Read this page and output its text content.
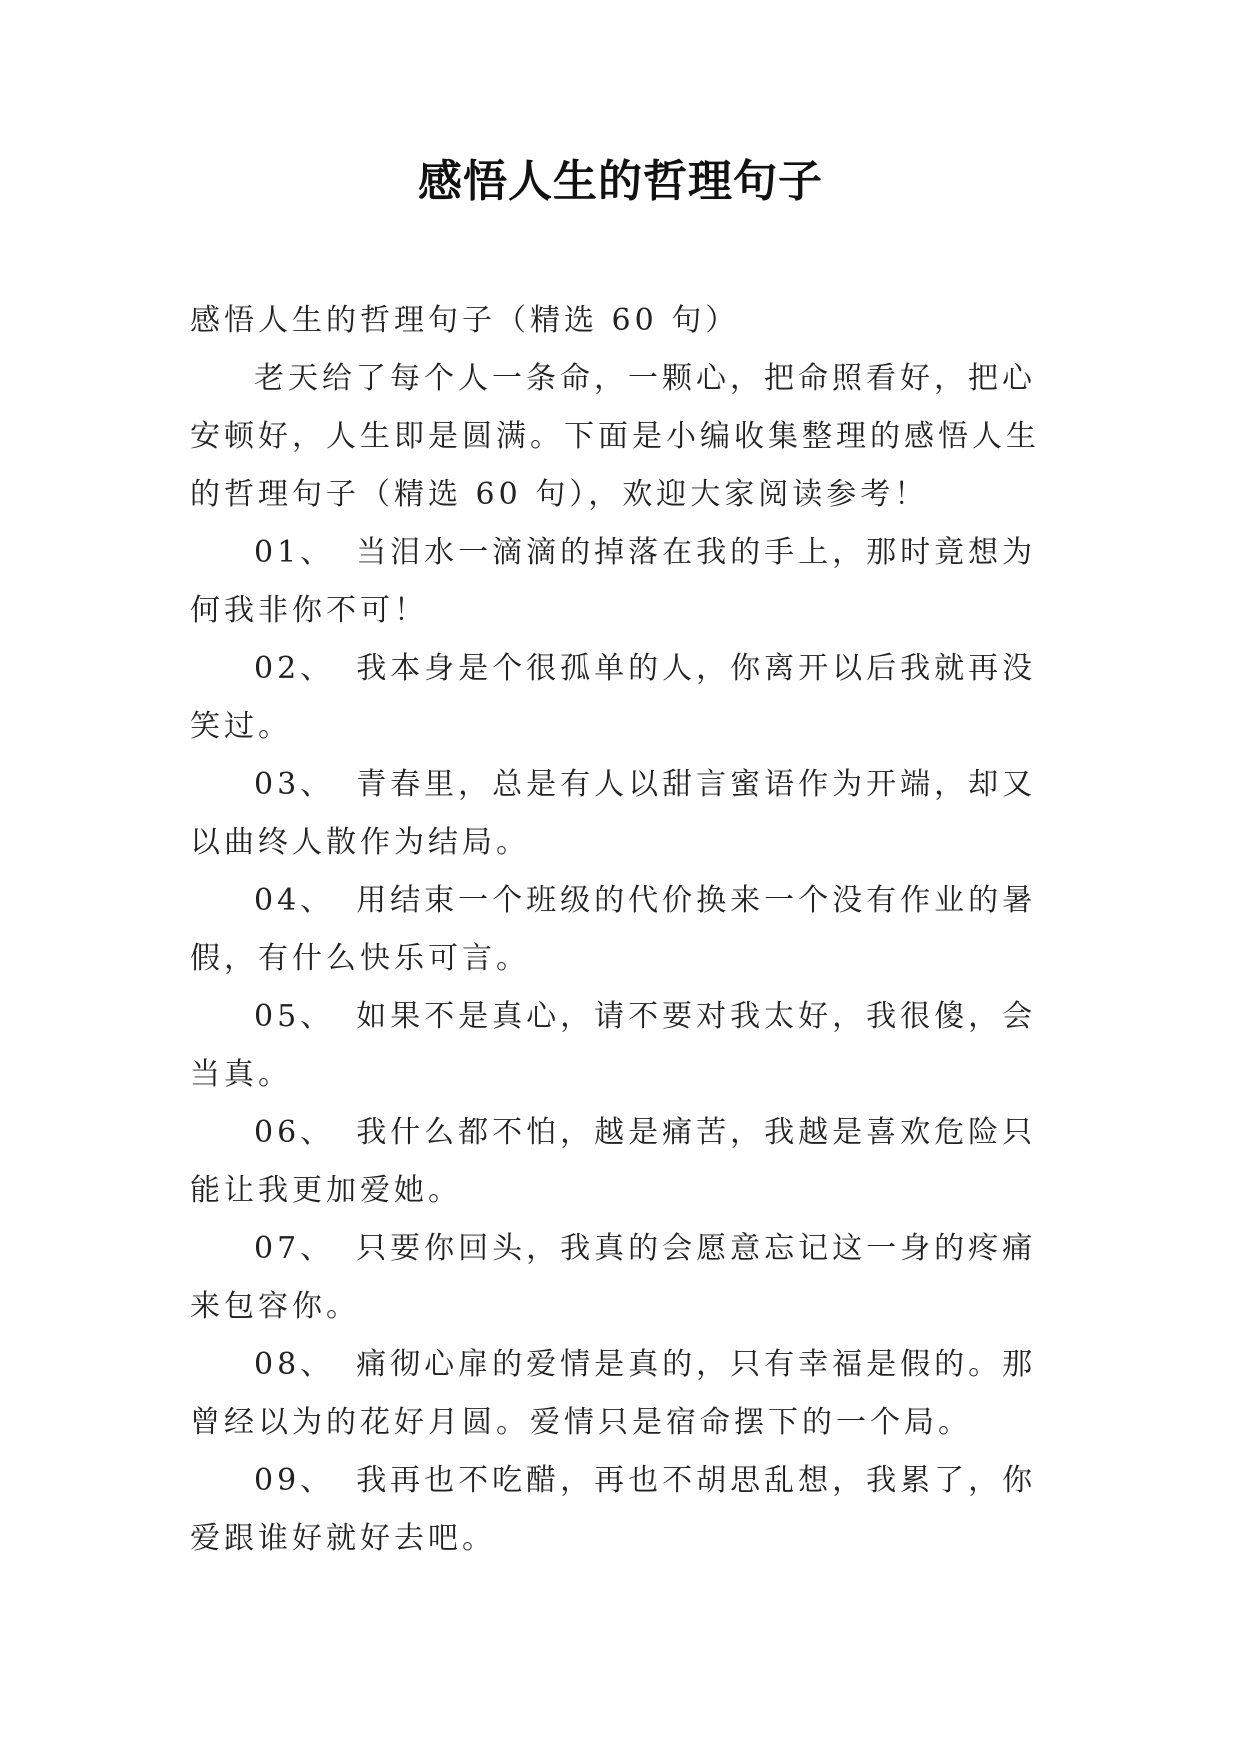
感悟人生的哲理句子

感悟人生的哲理句子（精选 60 句）

老天给了每个人一条命，一颗心，把命照看好，把心安顿好，人生即是圆满。下面是小编收集整理的感悟人生的哲理句子（精选 60 句），欢迎大家阅读参考！

01、 当泪水一滴滴的掉落在我的手上，那时竟想为何我非你不可！

02、 我本身是个很孤单的人，你离开以后我就再没笑过。

03、 青春里，总是有人以甜言蜜语作为开端，却又以曲终人散作为结局。

04、 用结束一个班级的代价换来一个没有作业的暑假，有什么快乐可言。

05、 如果不是真心，请不要对我太好，我很傻，会当真。

06、 我什么都不怕，越是痛苦，我越是喜欢危险只能让我更加爱她。

07、 只要你回头，我真的会愿意忘记这一身的疼痛来包容你。

08、 痛彻心扉的爱情是真的，只有幸福是假的。那曾经以为的花好月圆。爱情只是宿命摆下的一个局。

09、 我再也不吃醋，再也不胡思乱想，我累了，你爱跟谁好就好去吧。
